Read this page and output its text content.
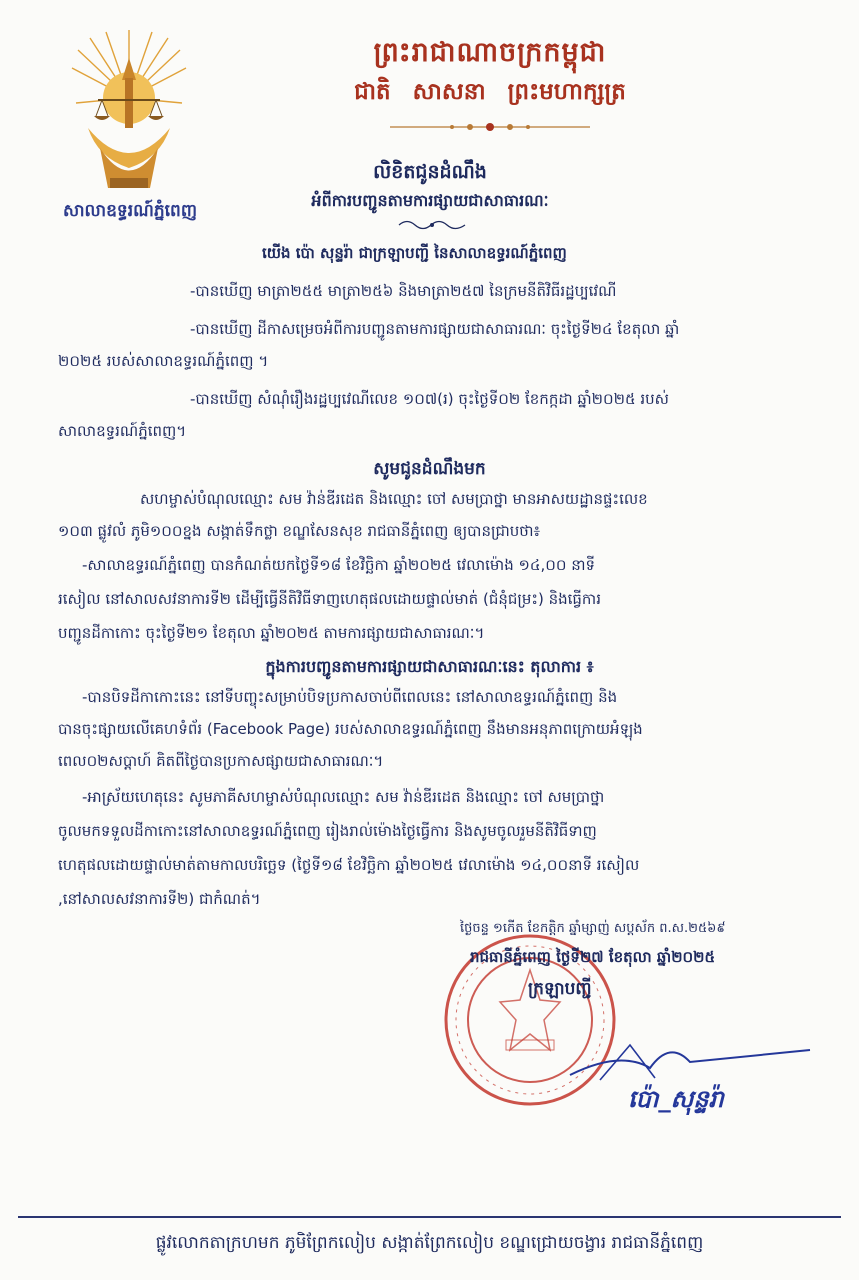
សាលាឧទ្ធរណ៍ភ្នំពេញ
ព្រះរាជាណាចក្រកម្ពុជា
ជាតិ សាសនា ព្រះមហាក្សត្រ
លិខិតជូនដំណឹង
អំពីការបញ្ជូនតាមការផ្សាយជាសាធារណៈ
យើង ប៉ោ សុន្ទរ៉ា ជាក្រឡាបញ្ជី នៃសាលាឧទ្ធរណ៍ភ្នំពេញ
-បានឃើញ មាត្រា២៥៥ មាត្រា២៥៦ និងមាត្រា២៥៧ នៃក្រមនីតិវិធីរដ្ឋប្បវេណី
-បានឃើញ ដីកាសម្រេចអំពីការបញ្ជូនតាមការផ្សាយជាសាធារណៈ ចុះថ្ងៃទី២៤ ខែតុលា ឆ្នាំ
២០២៥ របស់សាលាឧទ្ធរណ៍ភ្នំពេញ ។
-បានឃើញ សំណុំរឿងរដ្ឋប្បវេណីលេខ ១០៧(រ) ចុះថ្ងៃទី០២ ខែកក្កដា ឆ្នាំ២០២៥ របស់
សាលាឧទ្ធរណ៍ភ្នំពេញ។
សូមជូនដំណឹងមក
សហម្ចាស់បំណុលឈ្មោះ សម វ៉ាន់ឌីរដេត និងឈ្មោះ ចៅ សមប្រាថ្នា មានអាសយដ្ឋានផ្ទះលេខ
១០៣ ផ្លូវលំ ភូមិ១០០ខ្នង សង្កាត់ទឹកថ្លា ខណ្ឌសែនសុខ រាជធានីភ្នំពេញ ឲ្យបានជ្រាបថា៖
-សាលាឧទ្ធរណ៍ភ្នំពេញ បានកំណត់យកថ្ងៃទី១៨ ខែវិច្ឆិកា ឆ្នាំ២០២៥ វេលាម៉ោង ១៤,០០ នាទី
រសៀល នៅសាលសវនាការទី២ ដើម្បីធ្វើនីតិវិធីទាញហេតុផលដោយផ្ទាល់មាត់ (ជំនុំជម្រះ) និងធ្វើការ
បញ្ជូនដីកាកោះ ចុះថ្ងៃទី២១ ខែតុលា ឆ្នាំ២០២៥ តាមការផ្សាយជាសាធារណៈ។
ក្នុងការបញ្ជូនតាមការផ្សាយជាសាធារណៈនេះ តុលាការ ៖
-បានបិទដីកាកោះនេះ នៅទីបញ្ចុះសម្រាប់បិទប្រកាសចាប់ពីពេលនេះ នៅសាលាឧទ្ធរណ៍ភ្នំពេញ និង
បានចុះផ្សាយលើគេហទំព័រ (Facebook Page) របស់សាលាឧទ្ធរណ៍ភ្នំពេញ នឹងមានអនុភាពក្រោយអំឡុង
ពេល០២សប្តាហ៍ គិតពីថ្ងៃបានប្រកាសផ្សាយជាសាធារណៈ។
-អាស្រ័យហេតុនេះ សូមភាគីសហម្ចាស់បំណុលឈ្មោះ សម វ៉ាន់ឌីរដេត និងឈ្មោះ ចៅ សមប្រាថ្នា
ចូលមកទទួលដីកាកោះនៅសាលាឧទ្ធរណ៍ភ្នំពេញ រៀងរាល់ម៉ោងថ្ងៃធ្វើការ និងសូមចូលរួមនីតិវិធីទាញ
ហេតុផលដោយផ្ទាល់មាត់តាមកាលបរិច្ឆេទ (ថ្ងៃទី១៨ ខែវិច្ឆិកា ឆ្នាំ២០២៥ វេលាម៉ោង ១៤,០០នាទី រសៀល
,នៅសាលសវនាការទី២) ជាកំណត់។
ថ្ងៃចន្ទ ១កើត ខែកត្តិក ឆ្នាំម្សាញ់ សប្តស័ក ព.ស.២៥៦៩
រាជធានីភ្នំពេញ ថ្ងៃទី២៧ ខែតុលា ឆ្នាំ២០២៥
ក្រឡាបញ្ជី
ប៉ោ_សុន្ទរ៉ា
ផ្លូវលោកតាក្រហមក ភូមិព្រែកលៀប សង្កាត់ព្រែកលៀប ខណ្ឌជ្រោយចង្វារ រាជធានីភ្នំពេញ
